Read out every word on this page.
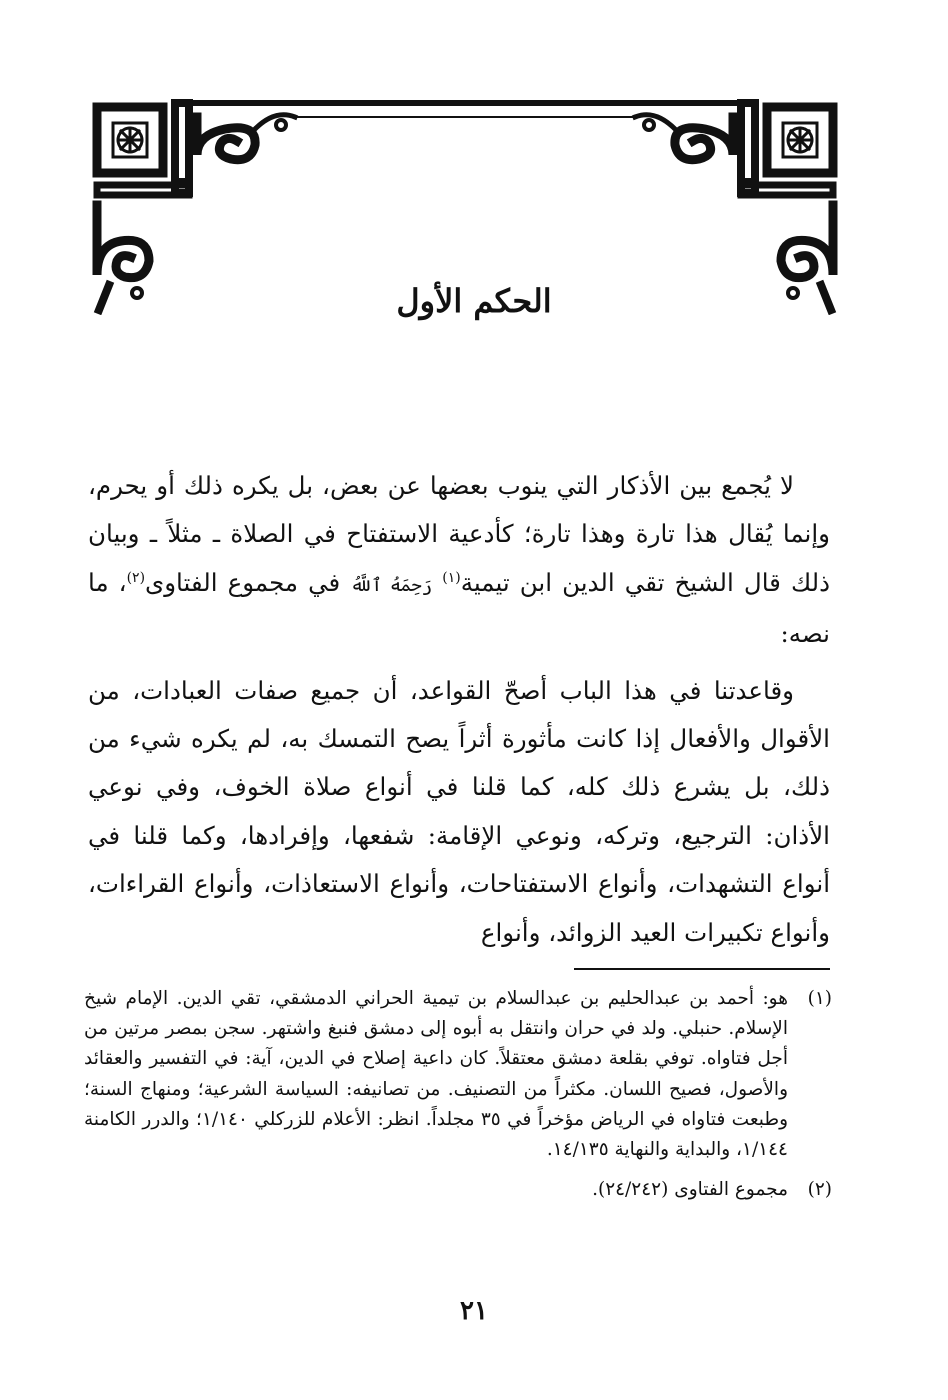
الحكم الأول

لا يُجمع بين الأذكار التي ينوب بعضها عن بعض، بل يكره ذلك أو يحرم، وإنما يُقال هذا تارة وهذا تارة؛ كأدعية الاستفتاح في الصلاة ـ مثلاً ـ وبيان ذلك قال الشيخ تقي الدين ابن تيمية$^{(١)}$ رَحِمَهُ ٱللَّهُ في مجموع الفتاوى$^{(٢)}$، ما نصه:

وقاعدتنا في هذا الباب أصحّ القواعد، أن جميع صفات العبادات، من الأقوال والأفعال إذا كانت مأثورة أثراً يصح التمسك به، لم يكره شيء من ذلك، بل يشرع ذلك كله، كما قلنا في أنواع صلاة الخوف، وفي نوعي الأذان: الترجيع، وتركه، ونوعي الإقامة: شفعها، وإفرادها، وكما قلنا في أنواع التشهدات، وأنواع الاستفتاحات، وأنواع الاستعاذات، وأنواع القراءات، وأنواع تكبيرات العيد الزوائد، وأنواع

(١)
هو: أحمد بن عبدالحليم بن عبدالسلام بن تيمية الحراني الدمشقي، تقي الدين. الإمام شيخ الإسلام. حنبلي. ولد في حران وانتقل به أبوه إلى دمشق فنبغ واشتهر. سجن بمصر مرتين من أجل فتاواه. توفي بقلعة دمشق معتقلاً. كان داعية إصلاح في الدين، آية: في التفسير والعقائد والأصول، فصيح اللسان. مكثراً من التصنيف. من تصانيفه: السياسة الشرعية؛ ومنهاج السنة؛ وطبعت فتاواه في الرياض مؤخراً في ٣٥ مجلداً. انظر: الأعلام للزركلي ١/١٤٠؛ والدرر الكامنة ١/١٤٤، والبداية والنهاية ١٤/١٣٥.
(٢)
مجموع الفتاوى (٢٤/٢٤٢).
٢١
